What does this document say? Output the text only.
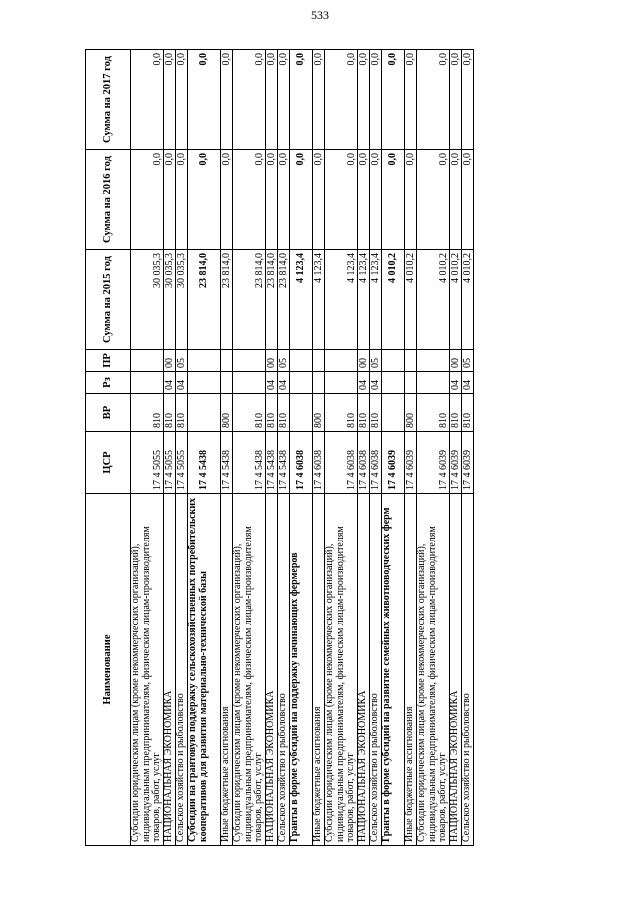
533
Наименование	ЦСР	ВР	Рз	ПР	Сумма на 2015 год	Сумма на 2016 год	Сумма на 2017 год
Субсидии юридическим лицам (кроме некоммерческих организаций), индивидуальным предпринимателям, физическим лицам-производителям товаров, работ, услуг	17 4 5055	810			30 035,3	0,0	0,0
НАЦИОНАЛЬНАЯ ЭКОНОМИКА	17 4 5055	810	04	00	30 035,3	0,0	0,0
Сельское хозяйство и рыболовство	17 4 5055	810	04	05	30 035,3	0,0	0,0
Субсидии на грантовую поддержку сельскохозяйственных потребительских кооперативов для развития материально-технической базы	17 4 5438				23 814,0	0,0	0,0
Иные бюджетные ассигнования	17 4 5438	800			23 814,0	0,0	0,0
Субсидии юридическим лицам (кроме некоммерческих организаций), индивидуальным предпринимателям, физическим лицам-производителям товаров, работ, услуг	17 4 5438	810			23 814,0	0,0	0,0
НАЦИОНАЛЬНАЯ ЭКОНОМИКА	17 4 5438	810	04	00	23 814,0	0,0	0,0
Сельское хозяйство и рыболовство	17 4 5438	810	04	05	23 814,0	0,0	0,0
Гранты в форме субсидий на поддержку начинающих фермеров	17 4 6038				4 123,4	0,0	0,0
Иные бюджетные ассигнования	17 4 6038	800			4 123,4	0,0	0,0
Субсидии юридическим лицам (кроме некоммерческих организаций), индивидуальным предпринимателям, физическим лицам-производителям товаров, работ, услуг	17 4 6038	810			4 123,4	0,0	0,0
НАЦИОНАЛЬНАЯ ЭКОНОМИКА	17 4 6038	810	04	00	4 123,4	0,0	0,0
Сельское хозяйство и рыболовство	17 4 6038	810	04	05	4 123,4	0,0	0,0
Гранты в форме субсидий на развитие семейных животноводческих ферм	17 4 6039				4 010,2	0,0	0,0
Иные бюджетные ассигнования	17 4 6039	800			4 010,2	0,0	0,0
Субсидии юридическим лицам (кроме некоммерческих организаций), индивидуальным предпринимателям, физическим лицам-производителям товаров, работ, услуг	17 4 6039	810			4 010,2	0,0	0,0
НАЦИОНАЛЬНАЯ ЭКОНОМИКА	17 4 6039	810	04	00	4 010,2	0,0	0,0
Сельское хозяйство и рыболовство	17 4 6039	810	04	05	4 010,2	0,0	0,0
